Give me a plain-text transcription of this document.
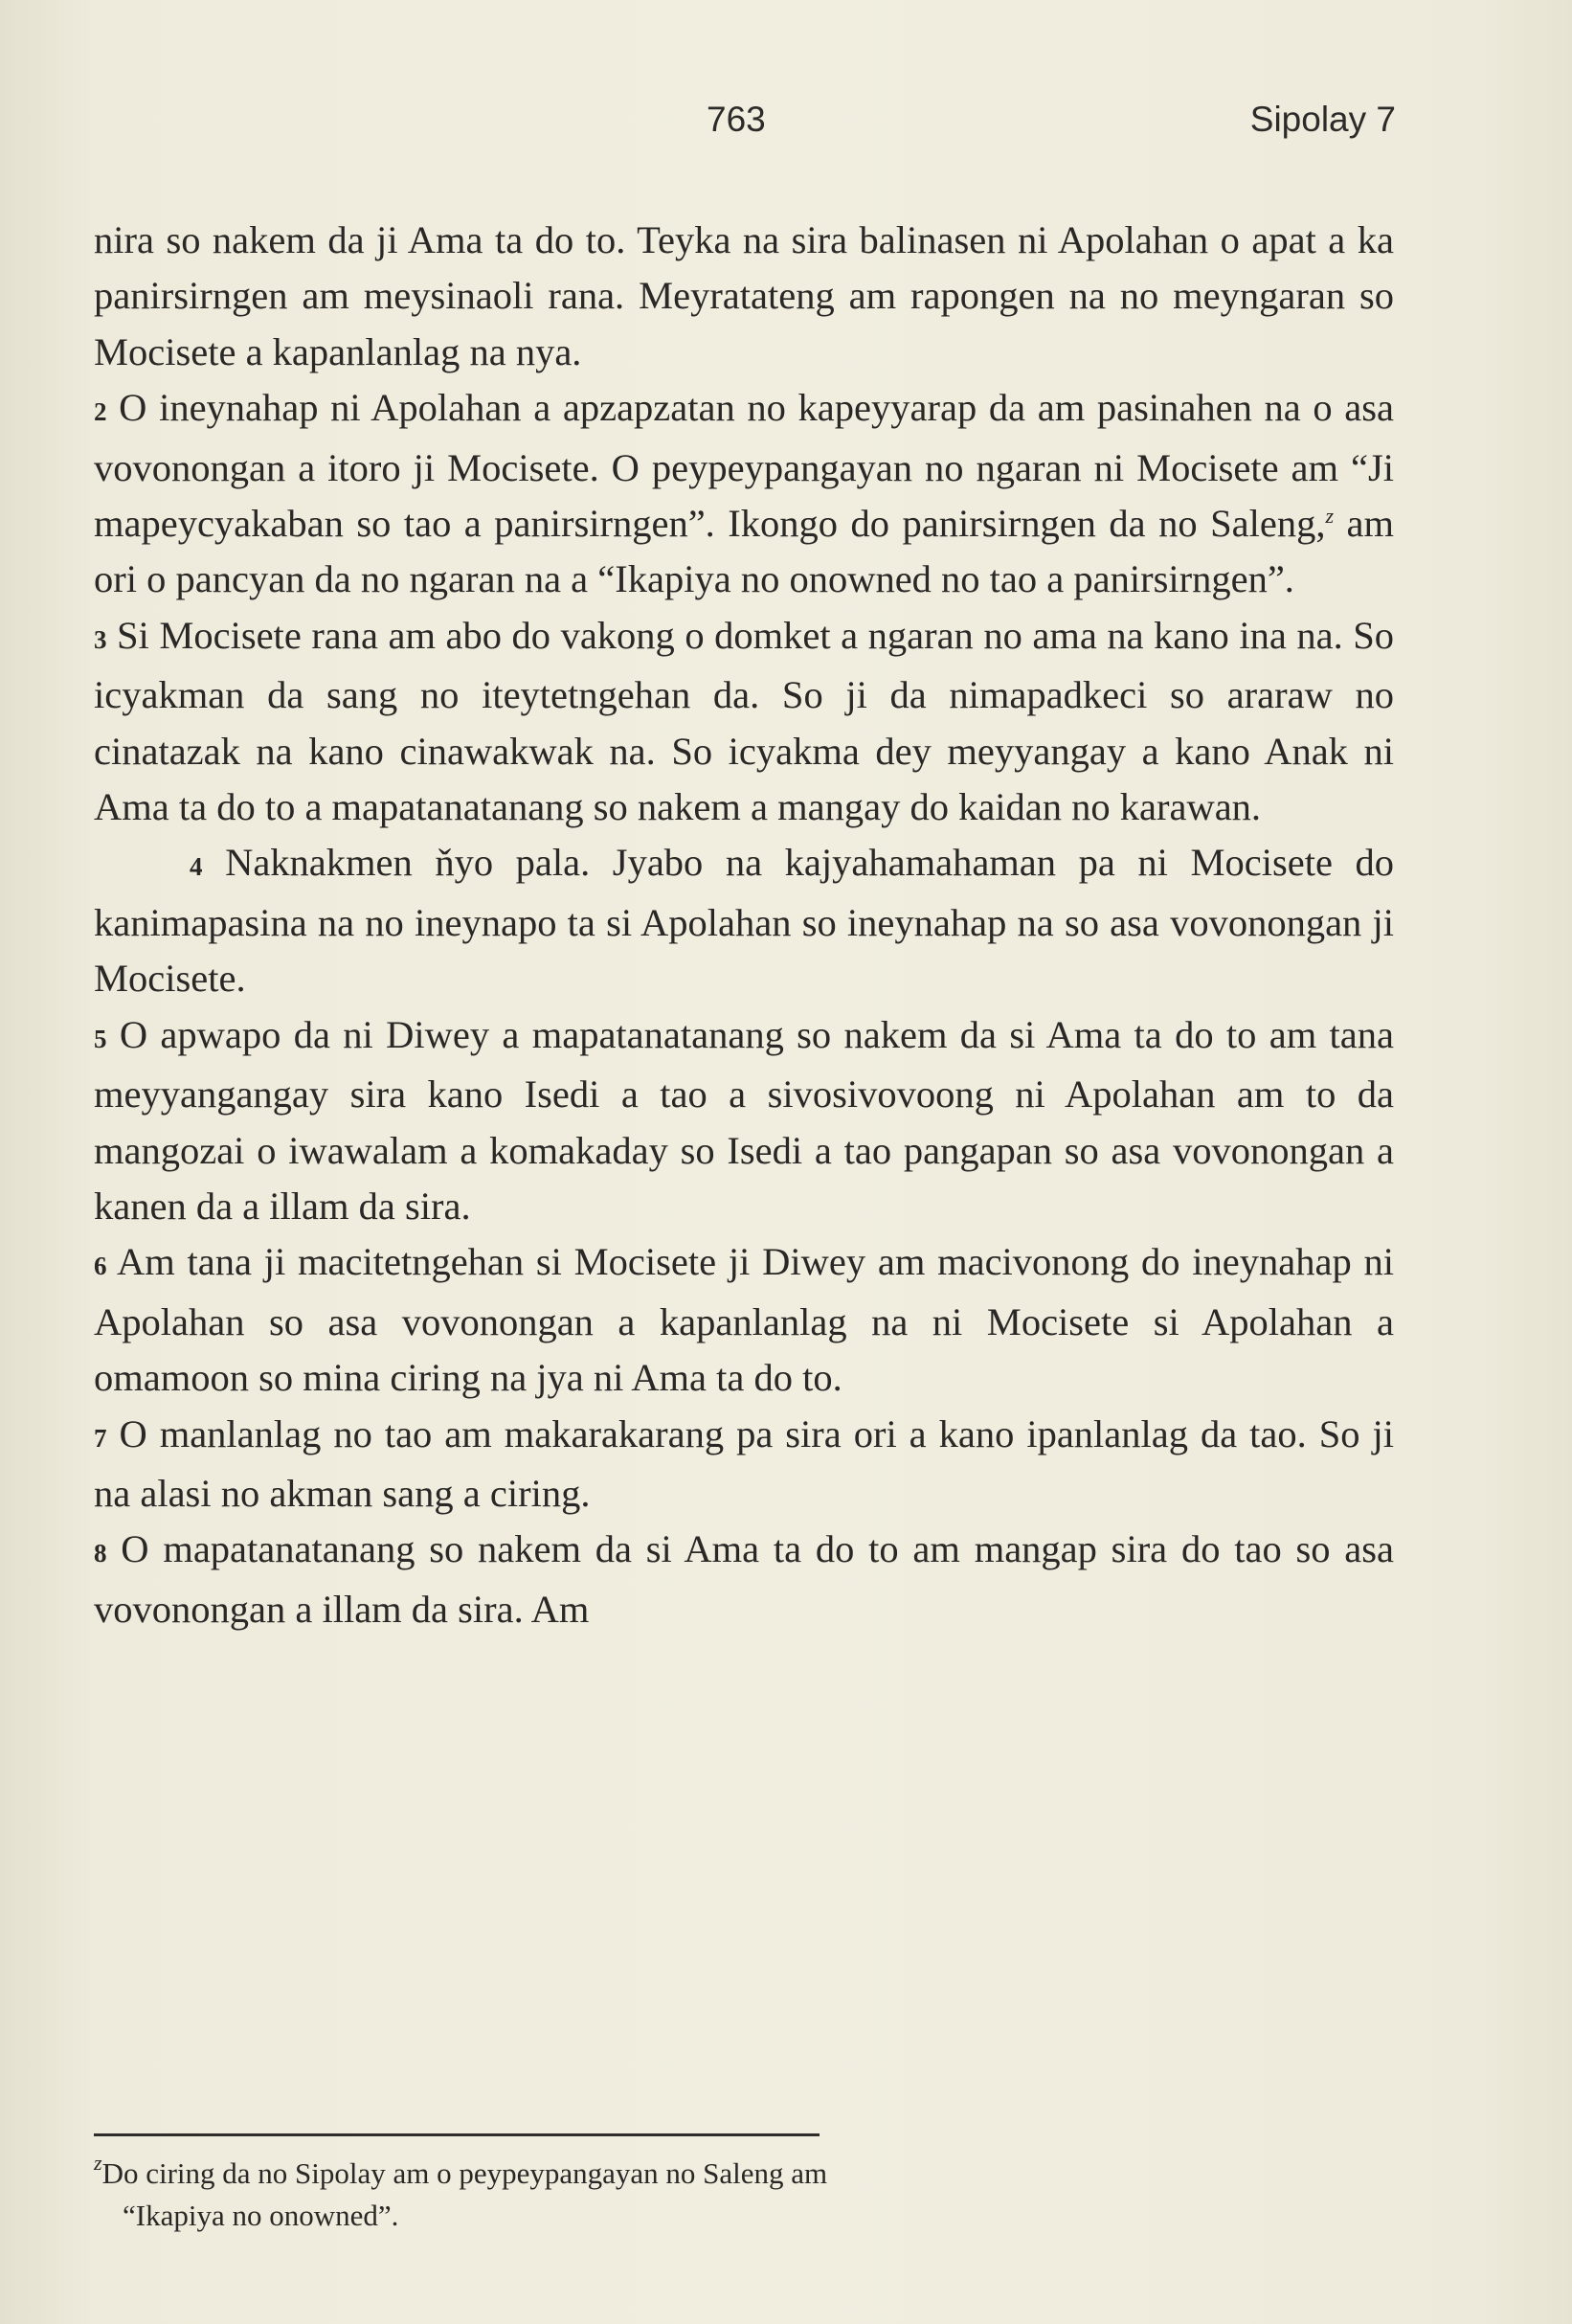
763	Sipolay 7

nira so nakem da ji Ama ta do to. Teyka na sira balinasen ni Apolahan o apat a ka panirsirngen am meysinaoli rana. Meyratateng am rapongen na no meyngaran so Mocisete a kapanlanlag na nya.

2 O ineynahap ni Apolahan a apzapzatan no kapeyyarap da am pasinahen na o asa vovonongan a itoro ji Mocisete. O peypeypangayan no ngaran ni Mocisete am “Ji mapeycyakaban so tao a panirsirngen”. Ikongo do panirsirngen da no Saleng,$^z$ am ori o pancyan da no ngaran na a “Ikapiya no onowned no tao a panirsirngen”.

3 Si Mocisete rana am abo do vakong o domket a ngaran no ama na kano ina na. So icyakman da sang no iteytetngehan da. So ji da nimapadkeci so araraw no cinatazak na kano cinawakwak na. So icyakma dey meyyangay a kano Anak ni Ama ta do to a mapatanatanang so nakem a mangay do kaidan no karawan.

4 Naknakmen ňyo pala. Jyabo na kajyahamahaman pa ni Mocisete do kanimapasina na no ineynapo ta si Apolahan so ineynahap na so asa vovonongan ji Mocisete.

5 O apwapo da ni Diwey a mapatanatanang so nakem da si Ama ta do to am tana meyyangangay sira kano Isedi a tao a sivosivovoong ni Apolahan am to da mangozai o iwawalam a komakaday so Isedi a tao pangapan so asa vovonongan a kanen da a illam da sira.

6 Am tana ji macitetngehan si Mocisete ji Diwey am macivonong do ineynahap ni Apolahan so asa vovonongan a kapanlanlag na ni Mocisete si Apolahan a omamoon so mina ciring na jya ni Ama ta do to.

7 O manlanlag no tao am makarakarang pa sira ori a kano ipanlanlag da tao. So ji na alasi no akman sang a ciring.

8 O mapatanatanang so nakem da si Ama ta do to am mangap sira do tao so asa vovonongan a illam da sira. Am

$^z$Do ciring da no Sipolay am o peypeypangayan no Saleng am

“Ikapiya no onowned”.
